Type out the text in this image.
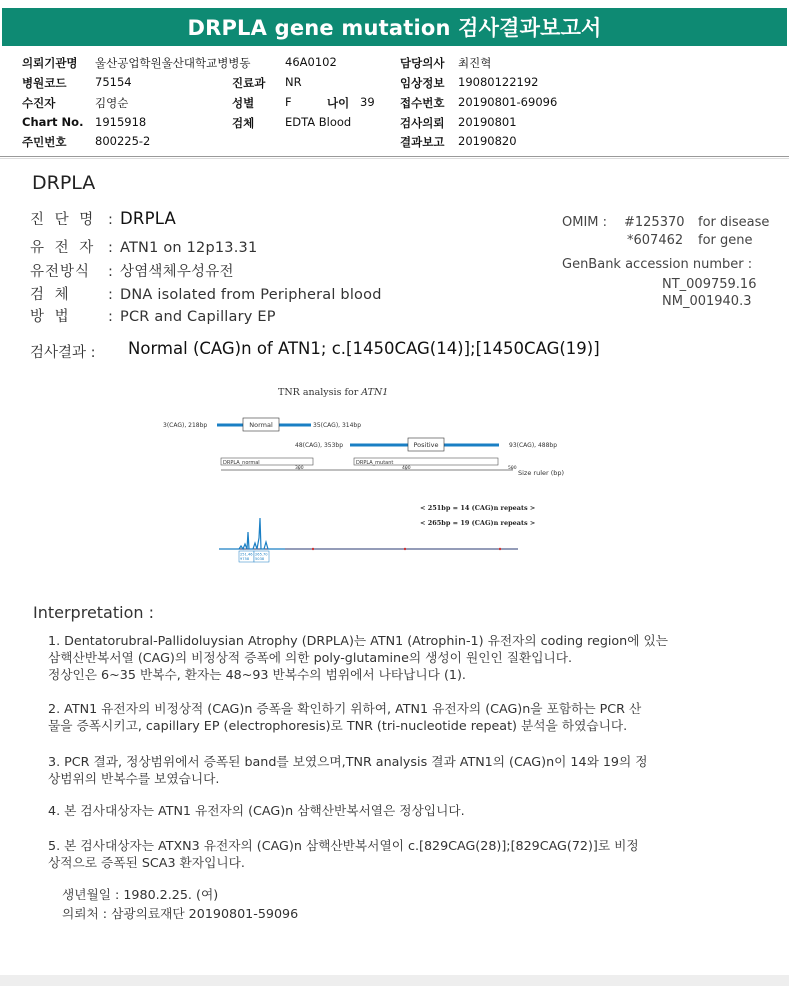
DRPLA gene mutation 검사결과보고서
의뢰기관명 울산공업학원울산대학교병병동	46A0102	담당의사 최진혁
병원코드 75154	진료과 NR	임상정보 19080122192
수진자	김영순	성별	F	나이 39 접수번호 20190801-69096
Chart No. 1915918	검체	EDTA Blood	검사의뢰 20190801
주민번호 800225-2	결과보고 20190820
DRPLA
진 단 명 : DRPLA
유 전 자 : ATN1 on 12p13.31
유전방식 : 상염색체우성유전
검 체	: DNA isolated from Peripheral blood
방 법	: PCR and Capillary EP
OMIM : #125370 for disease
*607462 for gene
GenBank accession number :
NT_009759.16
NM_001940.3
검사결과 : Normal (CAG)n of ATN1; c.[1450CAG(14)];[1450CAG(19)]
TNR analysis for ATN1
3(CAG), 218bp	Normal	35(CAG), 314bp
48(CAG), 353bp	Positive	93(CAG), 488bp
DRPLA_normal	DRPLA_mutant
300	400	500
Size ruler (bp)
< 251bp = 14 (CAG)n repeats >
< 265bp = 19 (CAG)n repeats >
251.46
9758
265.70
5038
Interpretation :
1. Dentatorubral-Pallidoluysian Atrophy (DRPLA)는 ATN1 (Atrophin-1) 유전자의 coding region에 있는
삼핵산반복서열 (CAG)의 비정상적 증폭에 의한 poly-glutamine의 생성이 원인인 질환입니다.
정상인은 6~35 반복수, 환자는 48~93 반복수의 범위에서 나타납니다 (1).
2. ATN1 유전자의 비정상적 (CAG)n 증폭을 확인하기 위하여, ATN1 유전자의 (CAG)n을 포함하는 PCR 산
물을 증폭시키고, capillary EP (electrophoresis)로 TNR (tri-nucleotide repeat) 분석을 하였습니다.
3. PCR 결과, 정상범위에서 증폭된 band를 보였으며,TNR analysis 결과 ATN1의 (CAG)n이 14와 19의 정
상범위의 반복수를 보였습니다.
4. 본 검사대상자는 ATN1 유전자의 (CAG)n 삼핵산반복서열은 정상입니다.
5. 본 검사대상자는 ATXN3 유전자의 (CAG)n 삼핵산반복서열이 c.[829CAG(28)];[829CAG(72)]로 비정
상적으로 증폭된 SCA3 환자입니다.
생년월일 : 1980.2.25. (여)
의뢰처 : 삼광의료재단 20190801-59096
